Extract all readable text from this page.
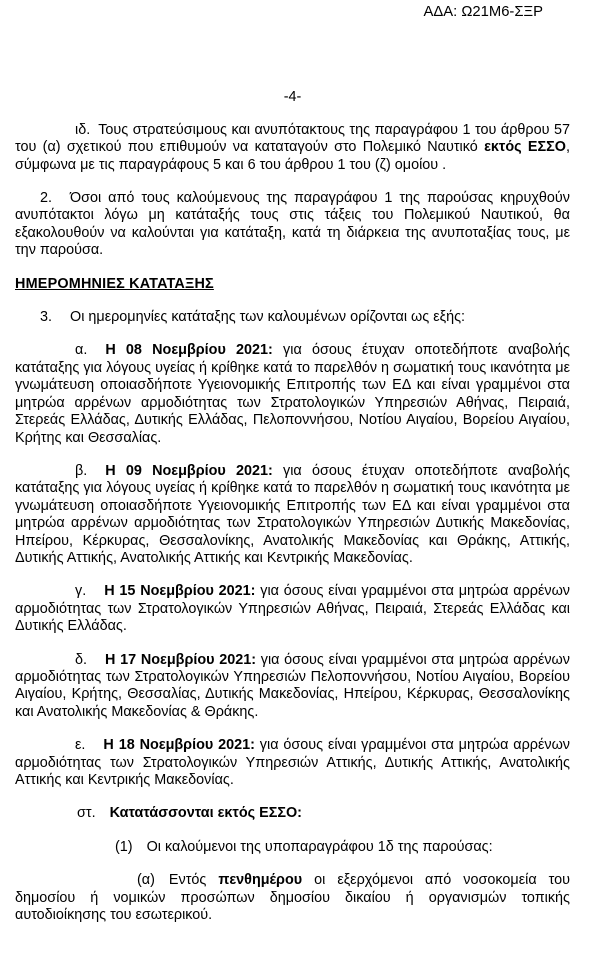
ΑΔΑ: Ω21Μ6-ΣΞΡ
-4-

ιδ. Τους στρατεύσιμους και ανυπότακτους της παραγράφου 1 του άρθρου 57 του (α) σχετικού που επιθυμούν να καταταγούν στο Πολεμικό Ναυτικό εκτός ΕΣΣΟ, σύμφωνα με τις παραγράφους 5 και 6 του άρθρου 1 του (ζ) ομοίου .

2. Όσοι από τους καλούμενους της παραγράφου 1 της παρούσας κηρυχθούν ανυπότακτοι λόγω μη κατάταξής τους στις τάξεις του Πολεμικού Ναυτικού, θα εξακολουθούν να καλούνται για κατάταξη, κατά τη διάρκεια της ανυποταξίας τους, με την παρούσα.

ΗΜΕΡΟΜΗΝΙΕΣ ΚΑΤΑΤΑΞΗΣ

3. Οι ημερομηνίες κατάταξης των καλουμένων ορίζονται ως εξής:

α. Η 08 Νοεμβρίου 2021: για όσους έτυχαν οποτεδήποτε αναβολής κατάταξης για λόγους υγείας ή κρίθηκε κατά το παρελθόν η σωματική τους ικανότητα με γνωμάτευση οποιασδήποτε Υγειονομικής Επιτροπής των ΕΔ και είναι γραμμένοι στα μητρώα αρρένων αρμοδιότητας των Στρατολογικών Υπηρεσιών Αθήνας, Πειραιά, Στερεάς Ελλάδας, Δυτικής Ελλάδας, Πελοποννήσου, Νοτίου Αιγαίου, Βορείου Αιγαίου, Κρήτης και Θεσσαλίας.

β. Η 09 Νοεμβρίου 2021: για όσους έτυχαν οποτεδήποτε αναβολής κατάταξης για λόγους υγείας ή κρίθηκε κατά το παρελθόν η σωματική τους ικανότητα με γνωμάτευση οποιασδήποτε Υγειονομικής Επιτροπής των ΕΔ και είναι γραμμένοι στα μητρώα αρρένων αρμοδιότητας των Στρατολογικών Υπηρεσιών Δυτικής Μακεδονίας, Ηπείρου, Κέρκυρας, Θεσσαλονίκης, Ανατολικής Μακεδονίας και Θράκης, Αττικής, Δυτικής Αττικής, Ανατολικής Αττικής και Κεντρικής Μακεδονίας.

γ. Η 15 Νοεμβρίου 2021: για όσους είναι γραμμένοι στα μητρώα αρρένων αρμοδιότητας των Στρατολογικών Υπηρεσιών Αθήνας, Πειραιά, Στερεάς Ελλάδας και Δυτικής Ελλάδας.

δ. Η 17 Νοεμβρίου 2021: για όσους είναι γραμμένοι στα μητρώα αρρένων αρμοδιότητας των Στρατολογικών Υπηρεσιών Πελοποννήσου, Νοτίου Αιγαίου, Βορείου Αιγαίου, Κρήτης, Θεσσαλίας, Δυτικής Μακεδονίας, Ηπείρου, Κέρκυρας, Θεσσαλονίκης και Ανατολικής Μακεδονίας & Θράκης.

ε. Η 18 Νοεμβρίου 2021: για όσους είναι γραμμένοι στα μητρώα αρρένων αρμοδιότητας των Στρατολογικών Υπηρεσιών Αττικής, Δυτικής Αττικής, Ανατολικής Αττικής και Κεντρικής Μακεδονίας.

στ. Κατατάσσονται εκτός ΕΣΣΟ:

(1) Οι καλούμενοι της υποπαραγράφου 1δ της παρούσας:

(α) Εντός πενθημέρου οι εξερχόμενοι από νοσοκομεία του δημοσίου ή νομικών προσώπων δημοσίου δικαίου ή οργανισμών τοπικής αυτοδιοίκησης του εσωτερικού.
